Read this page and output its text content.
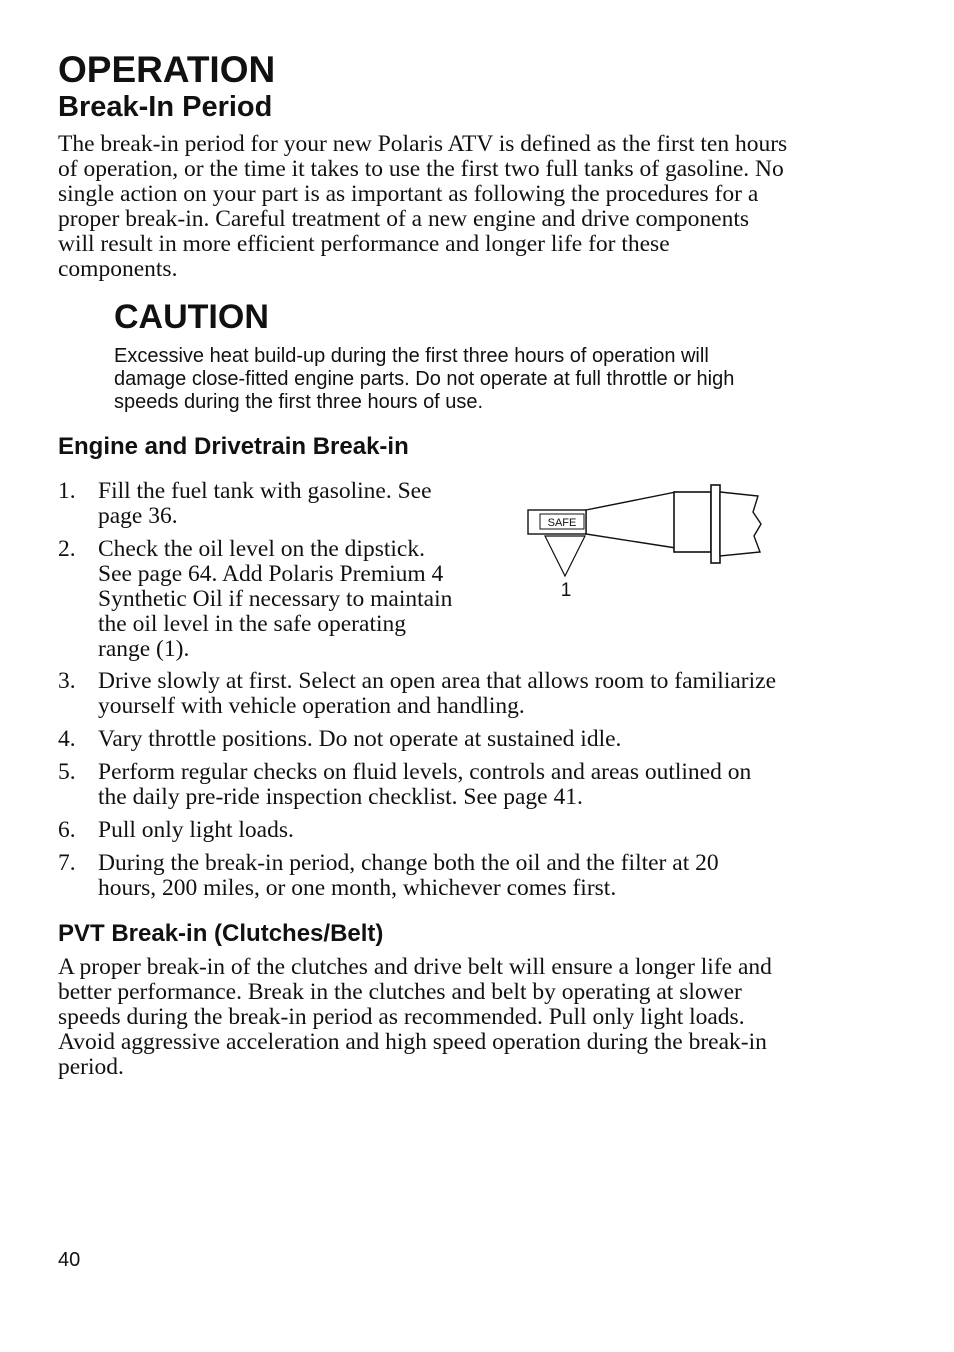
OPERATION
Break-In Period

The break-in period for your new Polaris ATV is defined as the first ten hours of operation, or the time it takes to use the first two full tanks of gasoline. No single action on your part is as important as following the procedures for a proper break-in. Careful treatment of a new engine and drive components will result in more efficient performance and longer life for these components.

CAUTION

Excessive heat build-up during the first three hours of operation will damage close-fitted engine parts. Do not operate at full throttle or high speeds during the first three hours of use.

Engine and Drivetrain Break-in
1. Fill the fuel tank with gasoline. See page 36.
2. Check the oil level on the dipstick. See page 64. Add Polaris Premium 4 Synthetic Oil if necessary to maintain the oil level in the safe operating range (1).
SAFE
1
3. Drive slowly at first. Select an open area that allows room to familiarize yourself with vehicle operation and handling.
4. Vary throttle positions. Do not operate at sustained idle.
5. Perform regular checks on fluid levels, controls and areas outlined on the daily pre-ride inspection checklist. See page 41.
6. Pull only light loads.
7. During the break-in period, change both the oil and the filter at 20 hours, 200 miles, or one month, whichever comes first.
PVT Break-in (Clutches/Belt)

A proper break-in of the clutches and drive belt will ensure a longer life and better performance. Break in the clutches and belt by operating at slower speeds during the break-in period as recommended. Pull only light loads. Avoid aggressive acceleration and high speed operation during the break-in period.

40
